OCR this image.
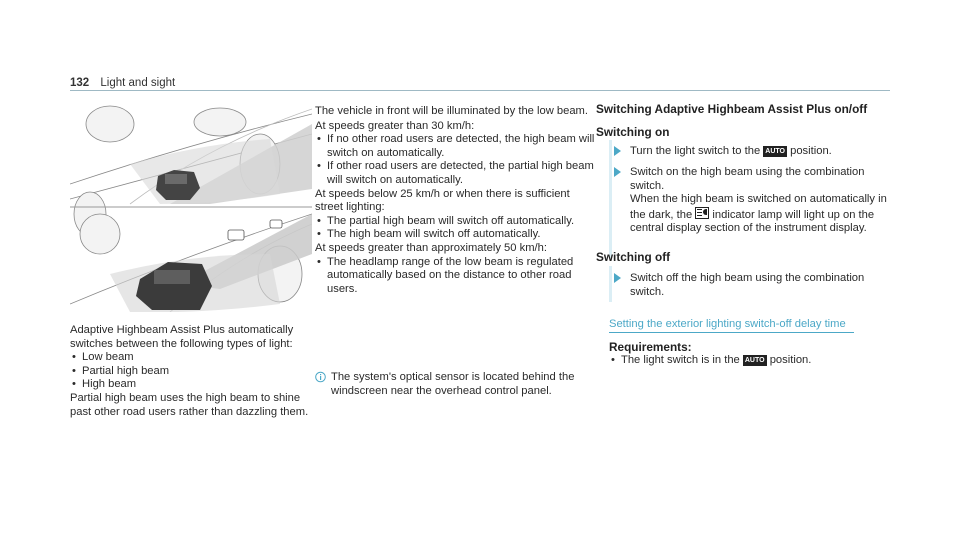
132 Light and sight

Adaptive Highbeam Assist Plus automatically switches between the following types of light:

• Low beam
• Partial high beam
• High beam

Partial high beam uses the high beam to shine past other road users rather than dazzling them.

The vehicle in front will be illuminated by the low beam.

At speeds greater than 30 km/h:

• If no other road users are detected, the high beam will switch on automatically.
• If other road users are detected, the partial high beam will switch on automatically.

At speeds below 25 km/h or when there is sufficient street lighting:

• The partial high beam will switch off automatically.
• The high beam will switch off automatically.

At speeds greater than approximately 50 km/h:

• The headlamp range of the low beam is regulated automatically based on the distance to other road users.
The system's optical sensor is located behind the windscreen near the overhead control panel.
Switching Adaptive Highbeam Assist Plus on/off
Switching on
Turn the light switch to the AUTO position.
Switch on the high beam using the combination switch.
When the high beam is switched on automatically in the dark, the indicator lamp will light up on the central display section of the instrument display.
Switching off
Switch off the high beam using the combination switch.
Setting the exterior lighting switch-off delay time
Requirements:
• The light switch is in the AUTO position.
